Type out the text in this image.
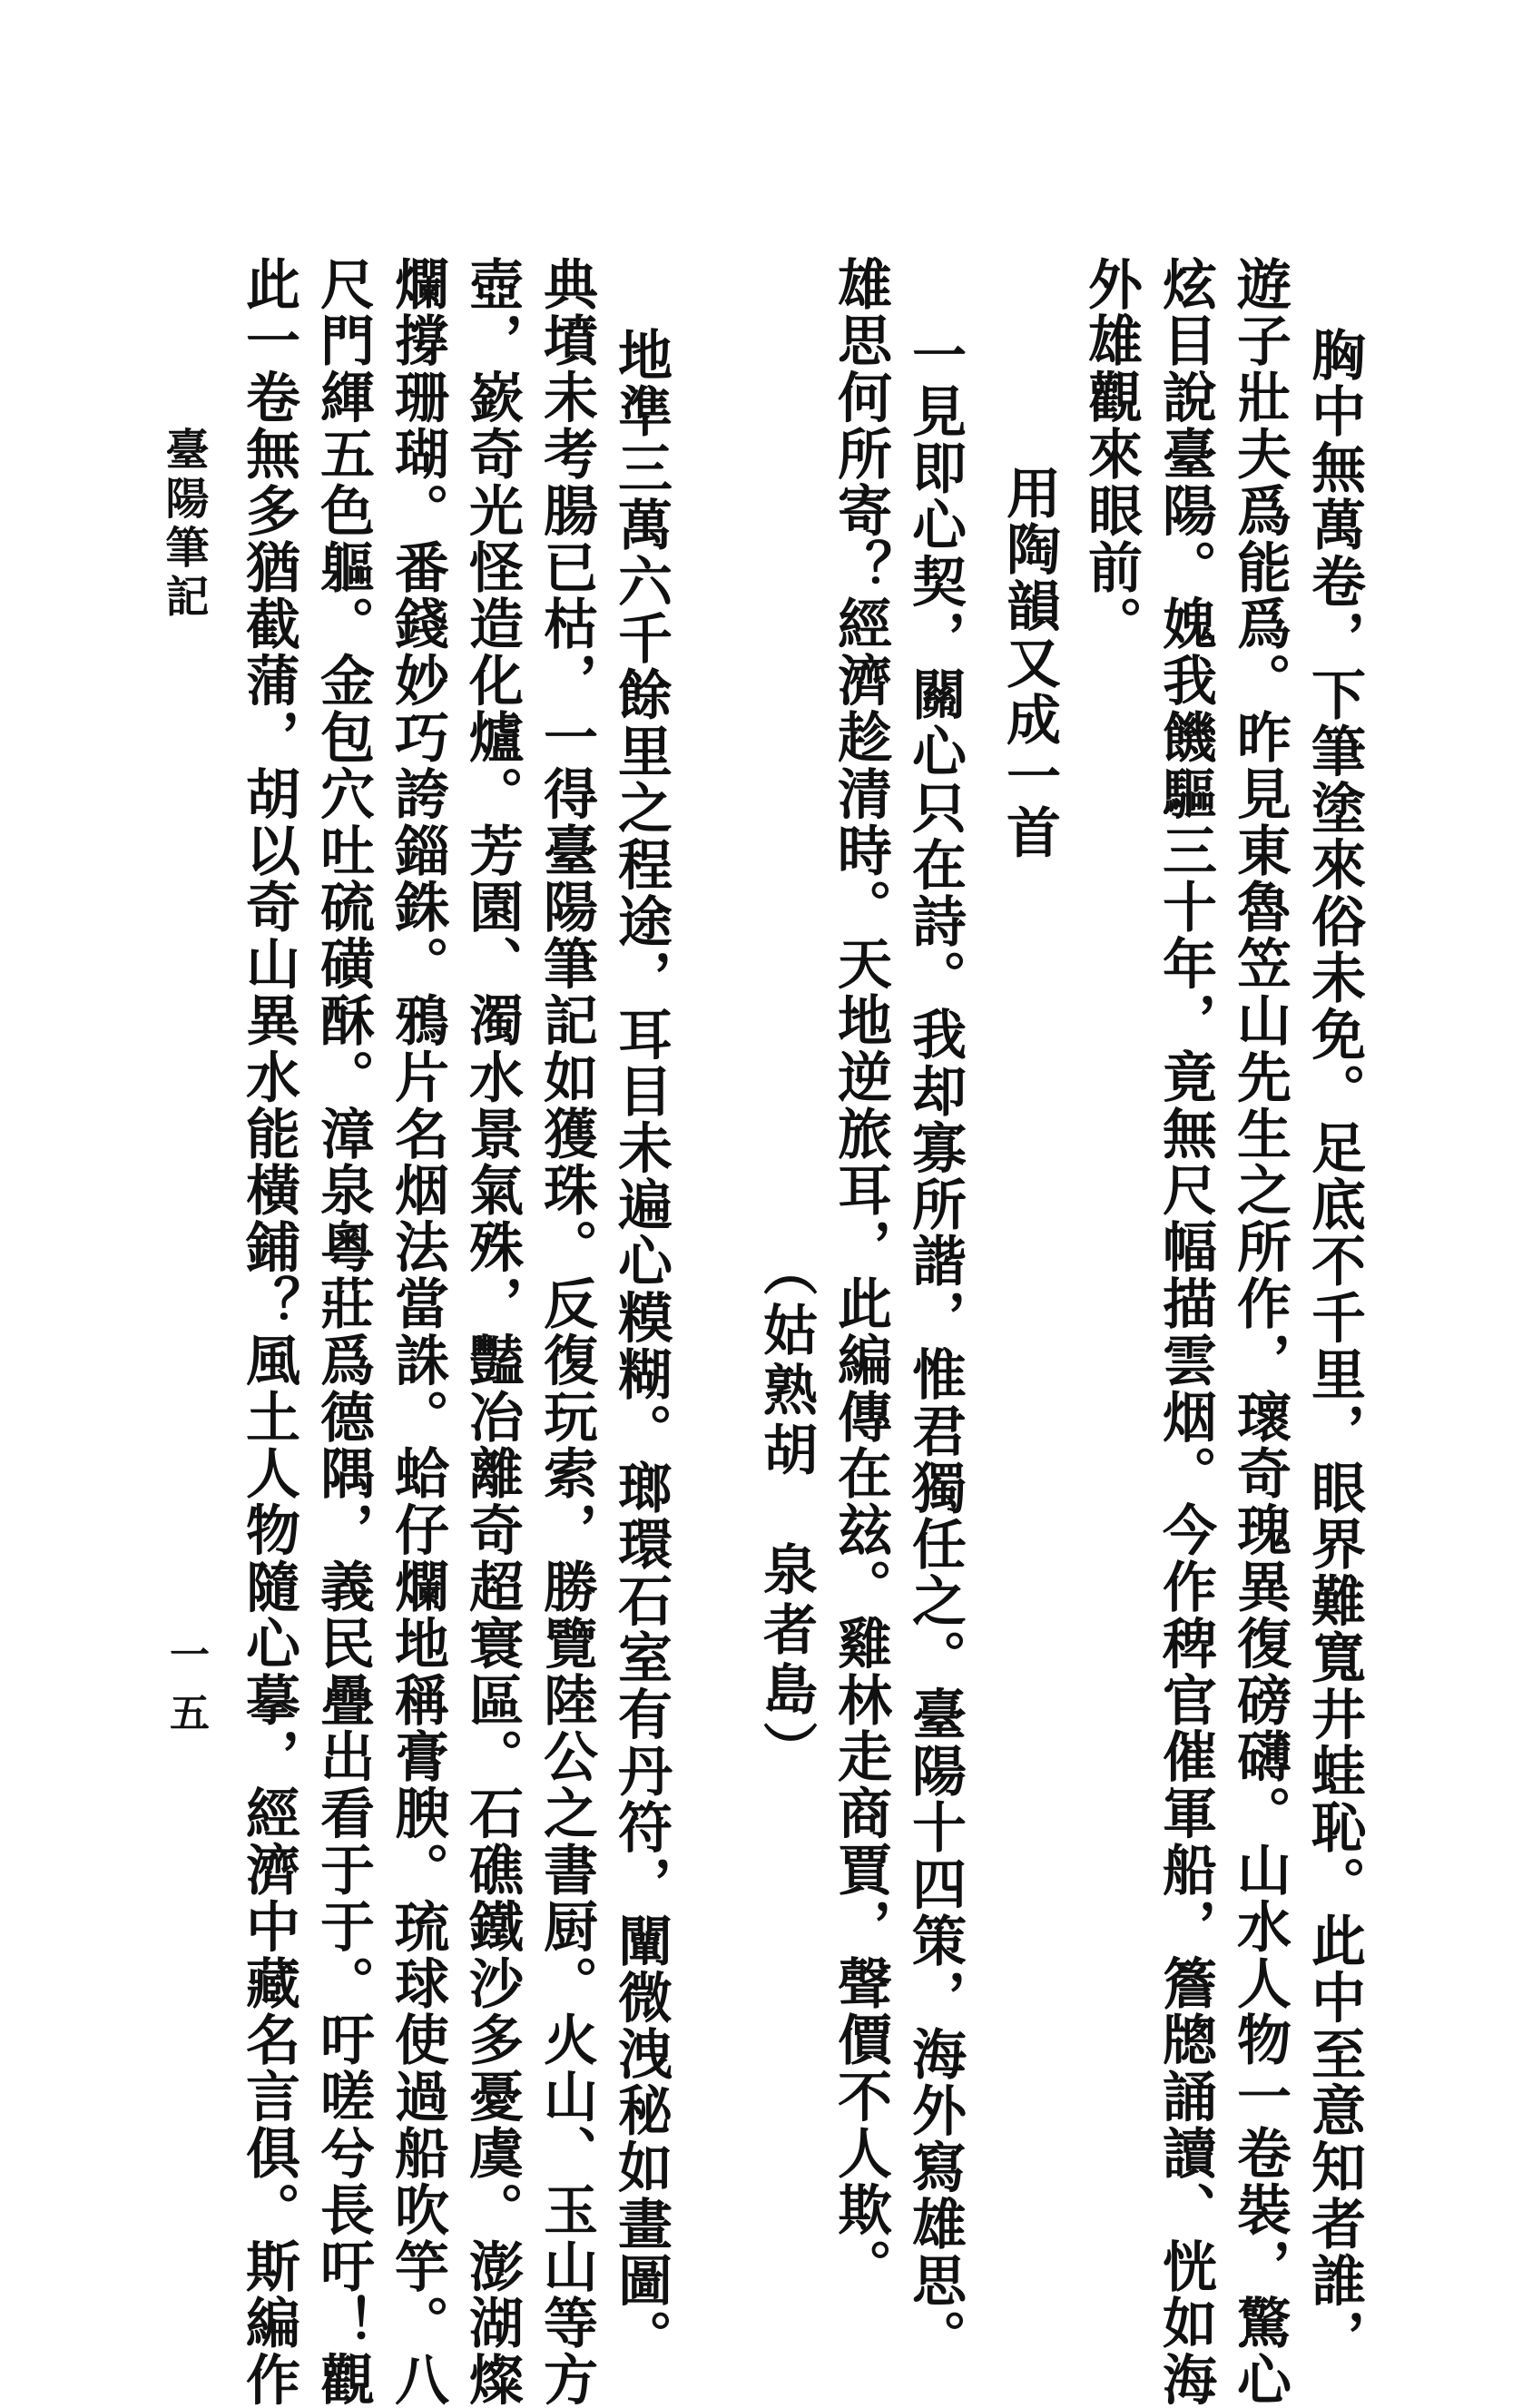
胸中無萬卷，下筆塗來俗未免。足底不千里，眼界難寬井蛙恥。此中至意知者誰，
遊子壯夫爲能爲。昨見東魯笠山先生之所作，瓌奇瑰異復磅礴。山水人物一卷裝，驚心
炫目說臺陽。媿我饑驅三十年，竟無尺幅描雲烟。今作稗官催軍船，簷牕誦讀、恍如海
外雄觀來眼前。
用陶韻又成一首
一見即心契，關心只在詩。我却寡所諧，惟君獨任之。臺陽十四策，海外寫雄思。
雄思何所寄？經濟趁清時。天地逆旅耳，此編傳在玆。雞林走商賈，聲價不人欺。
（姑熟胡　泉者島）
地準三萬六千餘里之程途，耳目未遍心糢糊。瑯環石室有丹符，闡微洩秘如畫圖。
典墳未考腸已枯，一得臺陽筆記如獲珠。反復玩索，勝覽陸公之書厨。火山、玉山等方
壺，嶔奇光怪造化爐。芳園、濁水景氣殊，豔冶離奇超寰區。石礁鐵沙多憂虞。澎湖燦
爛撐珊瑚。番錢妙巧誇錙銖。鴉片名烟法當誅。蛤仔爛地稱膏腴。琉球使過船吹竽。八
尺門緷五色軀。金包穴吐硫磺酥。漳泉粵莊爲德隅，義民疊出看于于。吁嗟兮長吁！觀
此一卷無多猶截蒲，胡以奇山異水能橫鋪？風土人物隨心摹，經濟中藏名言俱。斯編作
臺陽筆記
一五
